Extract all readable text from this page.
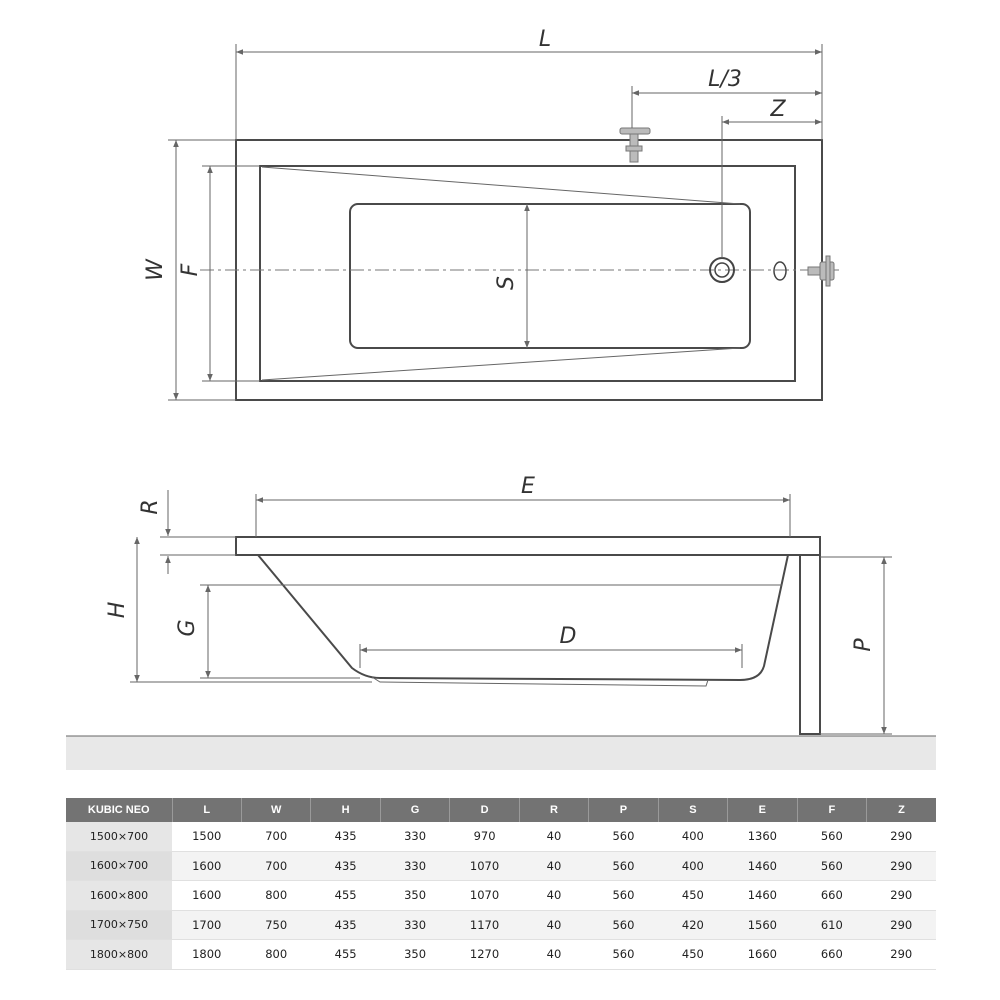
L
L/3
Z
W F
S
E
R
H
G	D	P
KUBIC NEO	L	W	H	G	D	R	P	S	E	F	Z
1500×700	1500	700	435	330	970	40	560	400	1360	560	290
1600×700	1600	700	435	330	1070	40	560	400	1460	560	290
1600×800	1600	800	455	350	1070	40	560	450	1460	660	290
1700×750	1700	750	435	330	1170	40	560	420	1560	610	290
1800×800	1800	800	455	350	1270	40	560	450	1660	660	290
